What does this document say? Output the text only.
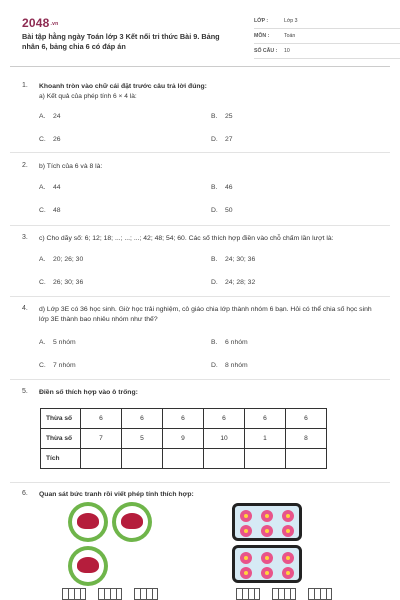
2048.vn
Bài tập hằng ngày Toán lớp 3 Kết nối tri thức Bài 9. Bảng nhân 6, bảng chia 6 có đáp án
LỚP :	Lớp 3
MÔN :	Toán
SỐ CÂU : 10
1. Khoanh tròn vào chữ cái đặt trước câu trả lời đúng:
a) Kết quả của phép tính 6 × 4 là:
A. 24	B. 25
C. 26	D. 27
2. b) Tích của 6 và 8 là:
A. 44	B. 46
C. 48	D. 50
3. c) Cho dãy số: 6; 12; 18; ...; ...; ...; 42; 48; 54; 60. Các số thích hợp điền vào chỗ chấm lần lượt là:
A. 20; 26; 30	B. 24; 30; 36
C. 26; 30; 36	D. 24; 28; 32
4. d) Lớp 3E có 36 học sinh. Giờ học trải nghiệm, cô giáo chia lớp thành nhóm 6 bạn. Hỏi có thể chia số học sinh lớp 3E thành bao nhiêu nhóm như thế?
A. 5 nhóm	B. 6 nhóm
C. 7 nhóm	D. 8 nhóm
5. Điền số thích hợp vào ô trống:
Thừa số	6	6	6	6	6	6
Thừa số	7	5	9	10	1	8
Tích						
6. Quan sát bức tranh rồi viết phép tính thích hợp:
